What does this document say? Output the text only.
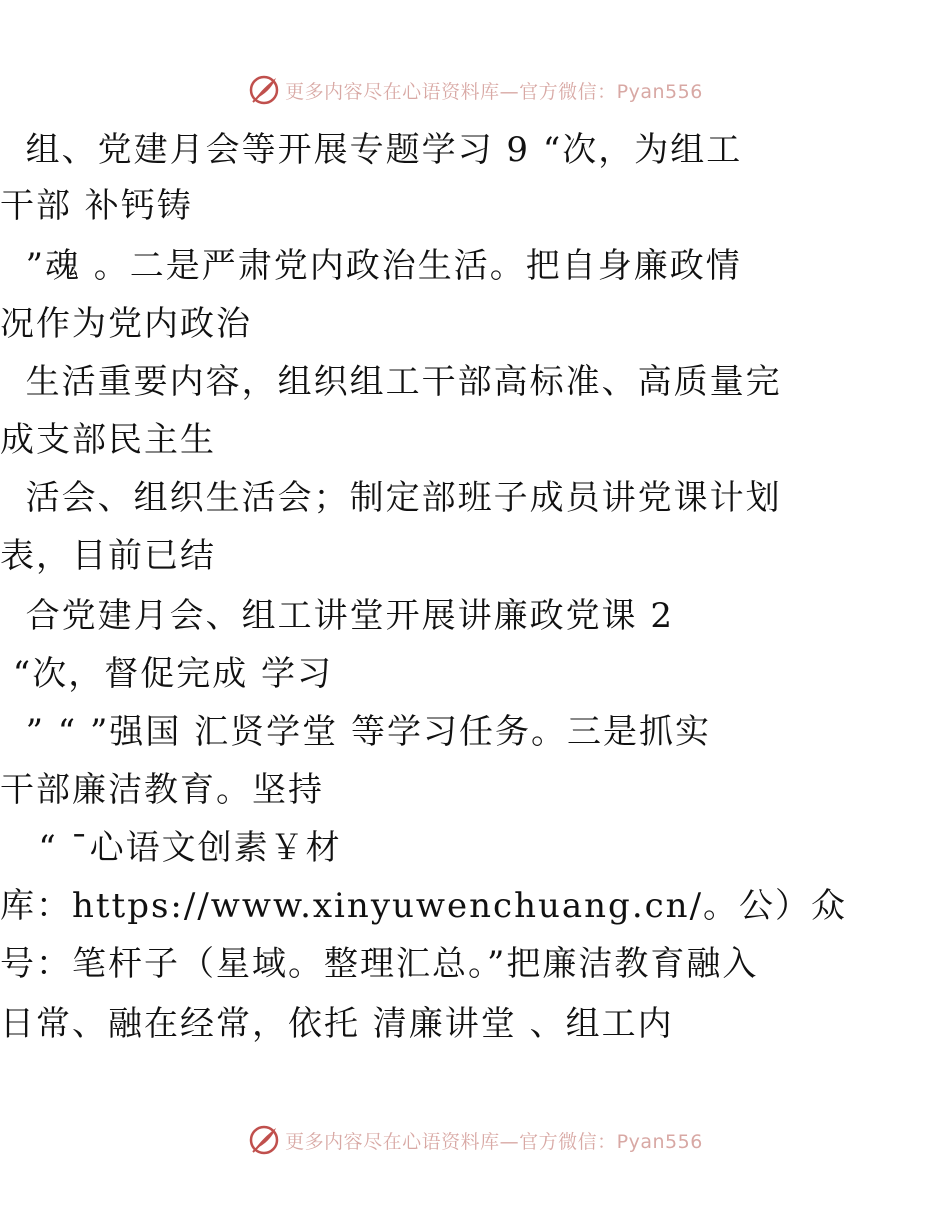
更多内容尽在心语资料库—官方微信：Pyan556
组、党建月会等开展专题学习 9 “次，为组工
干部 补钙铸
”魂 。二是严肃党内政治生活。把自身廉政情
况作为党内政治
生活重要内容，组织组工干部高标准、高质量完
成支部民主生
活会、组织生活会；制定部班子成员讲党课计划
表，目前已结
合党建月会、组工讲堂开展讲廉政党课 2
“次，督促完成 学习
” “ ”强国 汇贤学堂 等学习任务。三是抓实
干部廉洁教育。坚持
“ ¯心语文创素￥材
库：https://www.xinyuwenchuang.cn/。公）众
号：笔杆子（星域。整理汇总。”把廉洁教育融入
日常、融在经常，依托 清廉讲堂 、组工内
更多内容尽在心语资料库—官方微信：Pyan556
